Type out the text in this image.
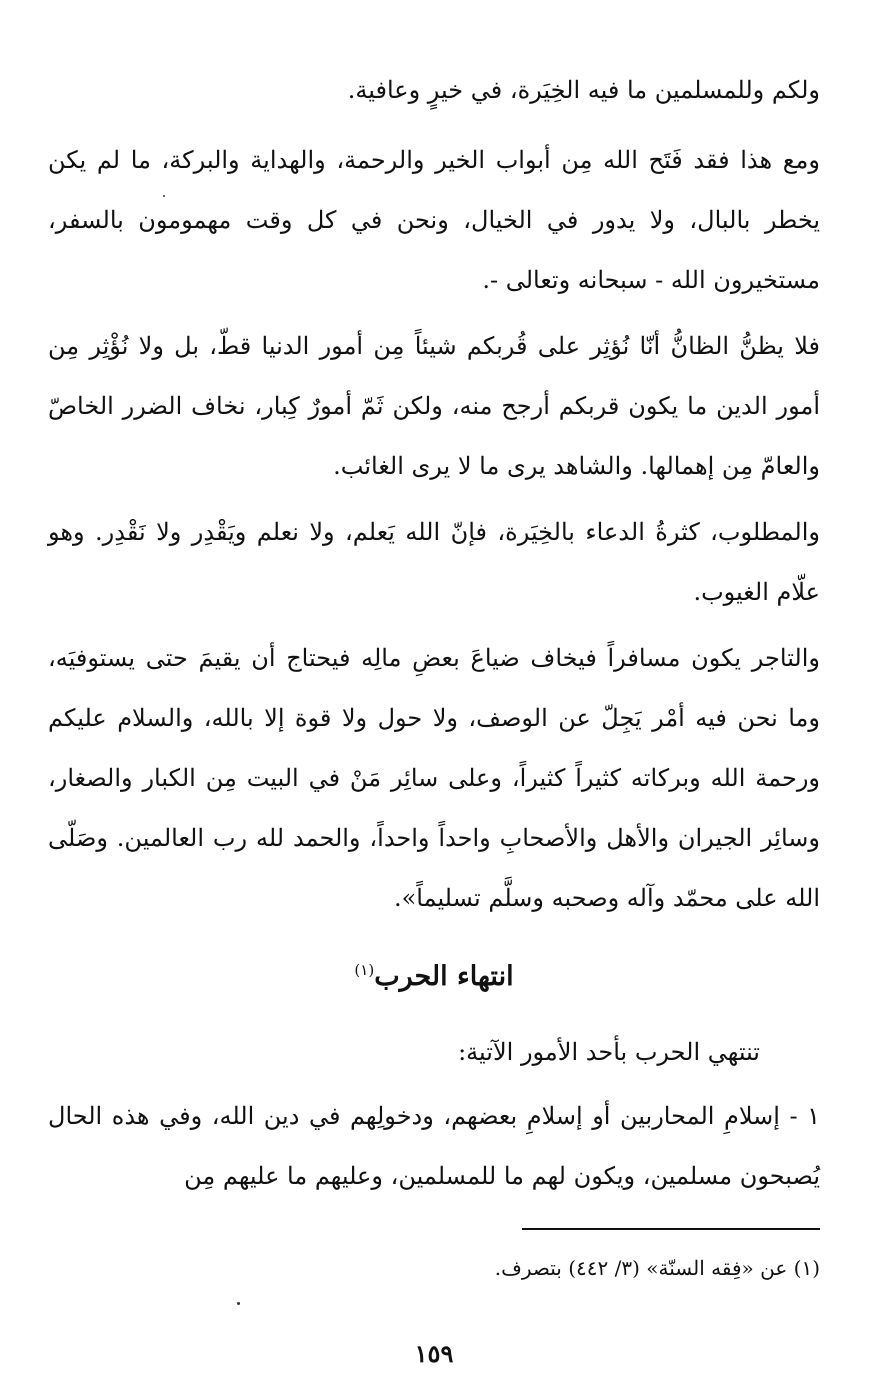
ولكم وللمسلمين ما فيه الخِيَرة، في خيرٍ وعافية.

ومع هذا فقد فَتَح الله مِن أبواب الخير والرحمة، والهداية والبركة، ما لم يكن يخطر بالبال، ولا يدور في الخيال، ونحن في كل وقت مهمومون بالسفر، مستخيرون الله - سبحانه وتعالى -.

فلا يظنُّ الظانُّ أنّا نُؤثِر على قُربكم شيئاً مِن أمور الدنيا قطّ، بل ولا نُؤْثِر مِن أمور الدين ما يكون قربكم أرجح منه، ولكن ثَمّ أمورٌ كِبار، نخاف الضرر الخاصّ والعامّ مِن إهمالها. والشاهد يرى ما لا يرى الغائب.

والمطلوب، كثرةُ الدعاء بالخِيَرة، فإنّ الله يَعلم، ولا نعلم ويَقْدِر ولا نَقْدِر. وهو علّام الغيوب.

والتاجر يكون مسافراً فيخاف ضياعَ بعضِ مالِه فيحتاج أن يقيمَ حتى يستوفيَه، وما نحن فيه أمْر يَجِلّ عن الوصف، ولا حول ولا قوة إلا بالله، والسلام عليكم ورحمة الله وبركاته كثيراً كثيراً، وعلى سائِر مَنْ في البيت مِن الكبار والصغار، وسائِر الجيران والأهل والأصحابِ واحداً واحداً، والحمد لله رب العالمين. وصَلّى الله على محمّد وآله وصحبه وسلَّم تسليماً».

انتهاء الحرب$^{(١)}$

تنتهي الحرب بأحد الأمور الآتية:

١ - إسلامِ المحاربين أو إسلامِ بعضهم، ودخولِهم في دين الله، وفي هذه الحال يُصبحون مسلمين، ويكون لهم ما للمسلمين، وعليهم ما عليهم مِن

(١) عن «فِقه السنّة» (٣/ ٤٤٢) بتصرف.

١٥٩
